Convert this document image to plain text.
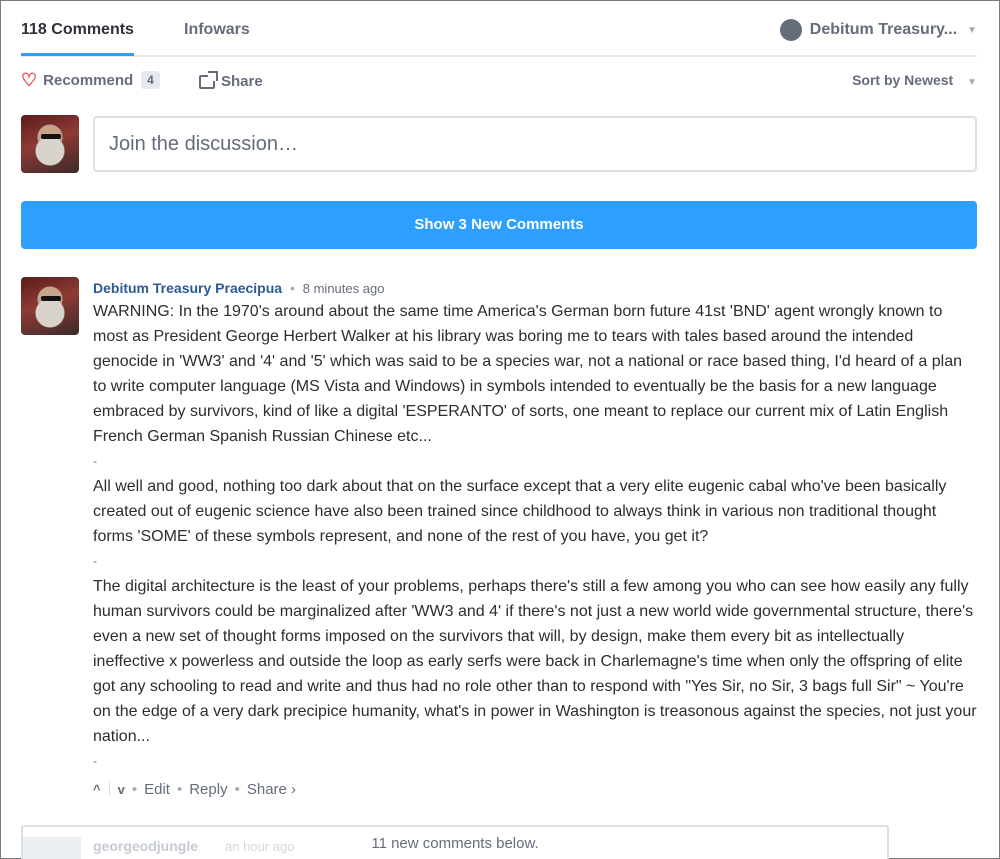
118 Comments	Infowars	Debitum Treasury... ▼
♡ Recommend	4	Share	Sort by Newest ▼
Join the discussion…
Show 3 New Comments
Debitum Treasury Praecipua • 8 minutes ago

WARNING: In the 1970's around about the same time America's German born future 41st 'BND' agent wrongly known to most as President George Herbert Walker at his library was boring me to tears with tales based around the intended genocide in 'WW3' and '4' and '5' which was said to be a species war, not a national or race based thing, I'd heard of a plan to write computer language (MS Vista and Windows) in symbols intended to eventually be the basis for a new language embraced by survivors, kind of like a digital 'ESPERANTO' of sorts, one meant to replace our current mix of Latin English French German Spanish Russian Chinese etc...

-

All well and good, nothing too dark about that on the surface except that a very elite eugenic cabal who've been basically created out of eugenic science have also been trained since childhood to always think in various non traditional thought forms 'SOME' of these symbols represent, and none of the rest of you have, you get it?

-

The digital architecture is the least of your problems, perhaps there's still a few among you who can see how easily any fully human survivors could be marginalized after 'WW3 and 4' if there's not just a new world wide governmental structure, there's even a new set of thought forms imposed on the survivors that will, by design, make them every bit as intellectually ineffective x powerless and outside the loop as early serfs were back in Charlemagne's time when only the offspring of elite got any schooling to read and write and thus had no role other than to respond with "Yes Sir, no Sir, 3 bags full Sir" ~ You're on the edge of a very dark precipice humanity, what's in power in Washington is treasonous against the species, not just your nation...

-

^ v • Edit • Reply • Share ›
georgeodjungle an hour ago	11 new comments below.
